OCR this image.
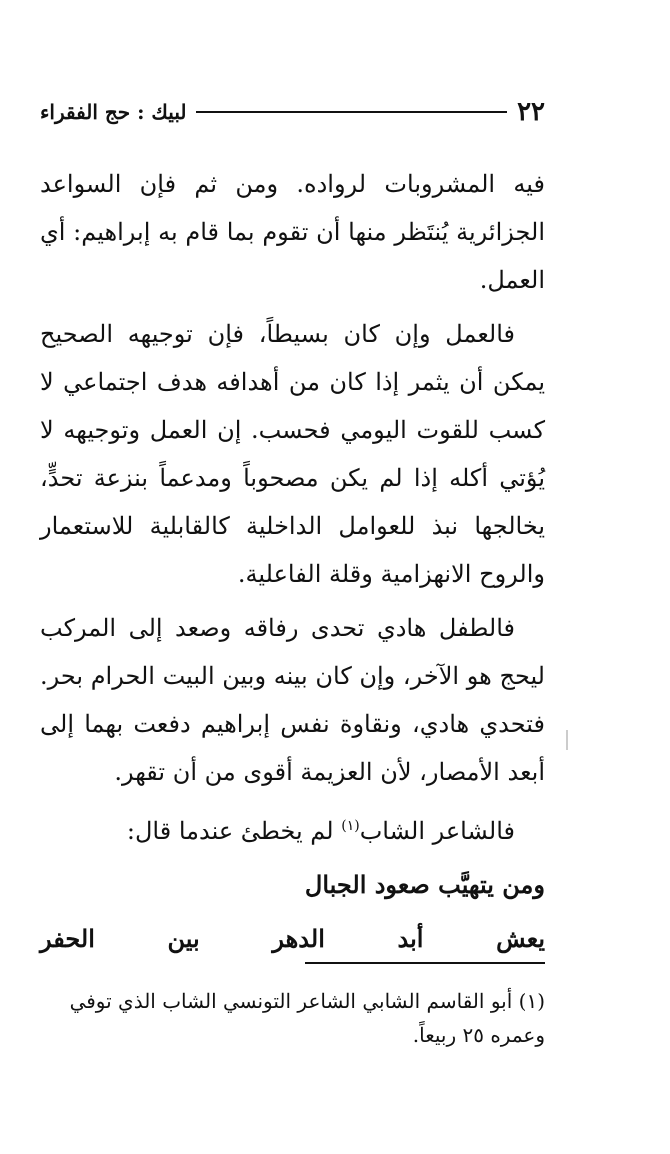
٢٢
لبيك : حج الفقراء

فيه المشروبات لرواده. ومن ثم فإن السواعد الجزائرية يُنتَظر منها أن تقوم بما قام به إبراهيم: أي العمل.

فالعمل وإن كان بسيطاً، فإن توجيهه الصحيح يمكن أن يثمر إذا كان من أهدافه هدف اجتماعي لا كسب للقوت اليومي فحسب. إن العمل وتوجيهه لا يُؤتي أكله إذا لم يكن مصحوباً ومدعماً بنزعة تحدٍّ، يخالجها نبذ للعوامل الداخلية كالقابلية للاستعمار والروح الانهزامية وقلة الفاعلية.

فالطفل هادي تحدى رفاقه وصعد إلى المركب ليحج هو الآخر، وإن كان بينه وبين البيت الحرام بحر. فتحدي هادي، ونقاوة نفس إبراهيم دفعت بهما إلى أبعد الأمصار، لأن العزيمة أقوى من أن تقهر.

فالشاعر الشاب$^{(١)}$ لم يخطئ عندما قال:

ومن يتهيَّب صعود الجبال

يعش أبد الدهر بين الحفر

(١) أبو القاسم الشابي الشاعر التونسي الشاب الذي توفي وعمره ٢٥ ربيعاً.
